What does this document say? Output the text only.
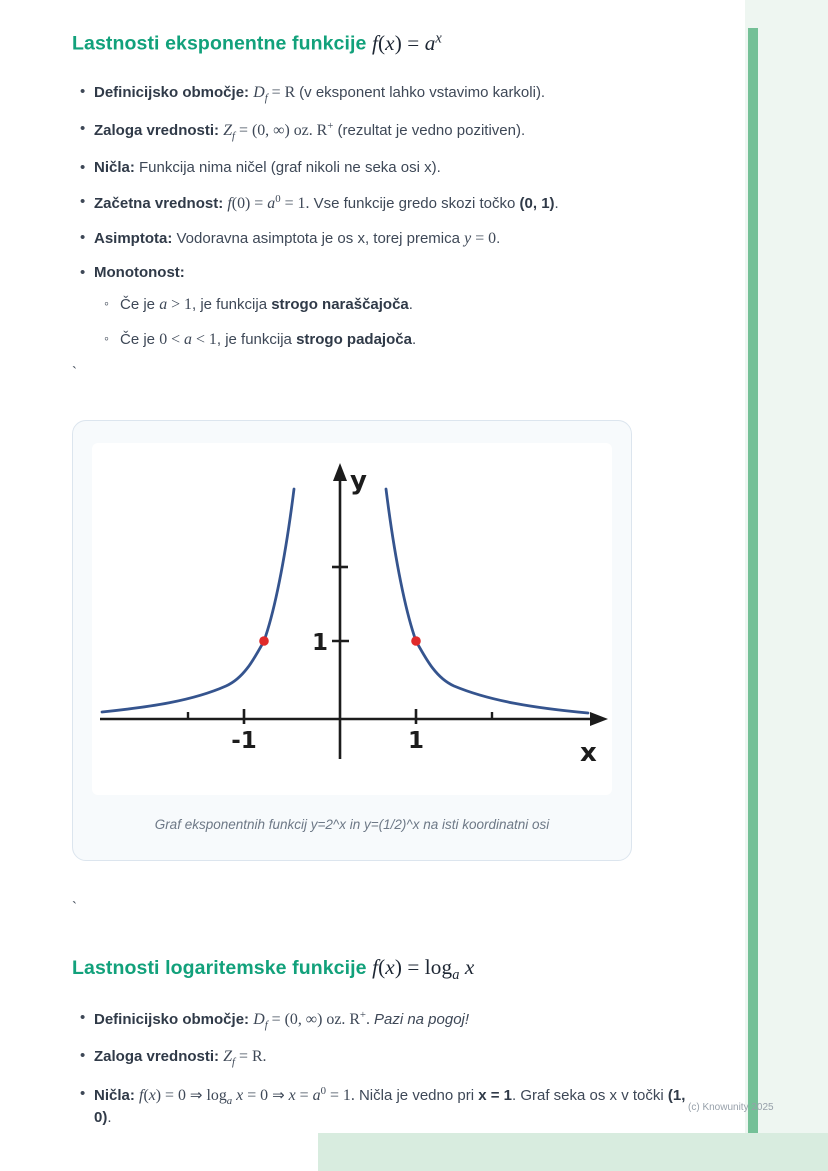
Lastnosti eksponentne funkcije $f(x) = a^x$
• Definicijsko območje: $D_f = R$ (v eksponent lahko vstavimo karkoli).
• Zaloga vrednosti: $Z_f = (0$, ∞) oz. R+ (rezultat je vedno pozitiven).
• Ničla: Funkcija nima ničel (graf nikoli ne seka osi x).
• Začetna vrednost: $f(0) = a^0 = 1$. Vse funkcije gredo skozi točko (0, 1).
• Asimptota: Vodoravna asimptota je os x, torej premica y = 0.
• Monotonost:
◦ Če je a > 1, je funkcija strogo naraščajoča.
◦ Če je 0 < a < 1, je funkcija strogo padajoča.
`
y
x
-1	1
1
Graf eksponentnih funkcij y=2^x in y=(1/2)^x na isti koordinatni osi
`
Lastnosti logaritemske funkcije $f(x) = \log_a x$
• Definicijsko območje: $D_f = (0$, ∞) oz. R+. Pazi na pogoj!
• Zaloga vrednosti: $Z_f = R$.
• Ničla: f(x) = 0 ⇒ $\log_a x = 0$ ⇒ $x = a^0 = 1$. Ničla je vedno pri x = 1. Graf seka os x v točki (1, 0).
(c) Knowunity 2025
